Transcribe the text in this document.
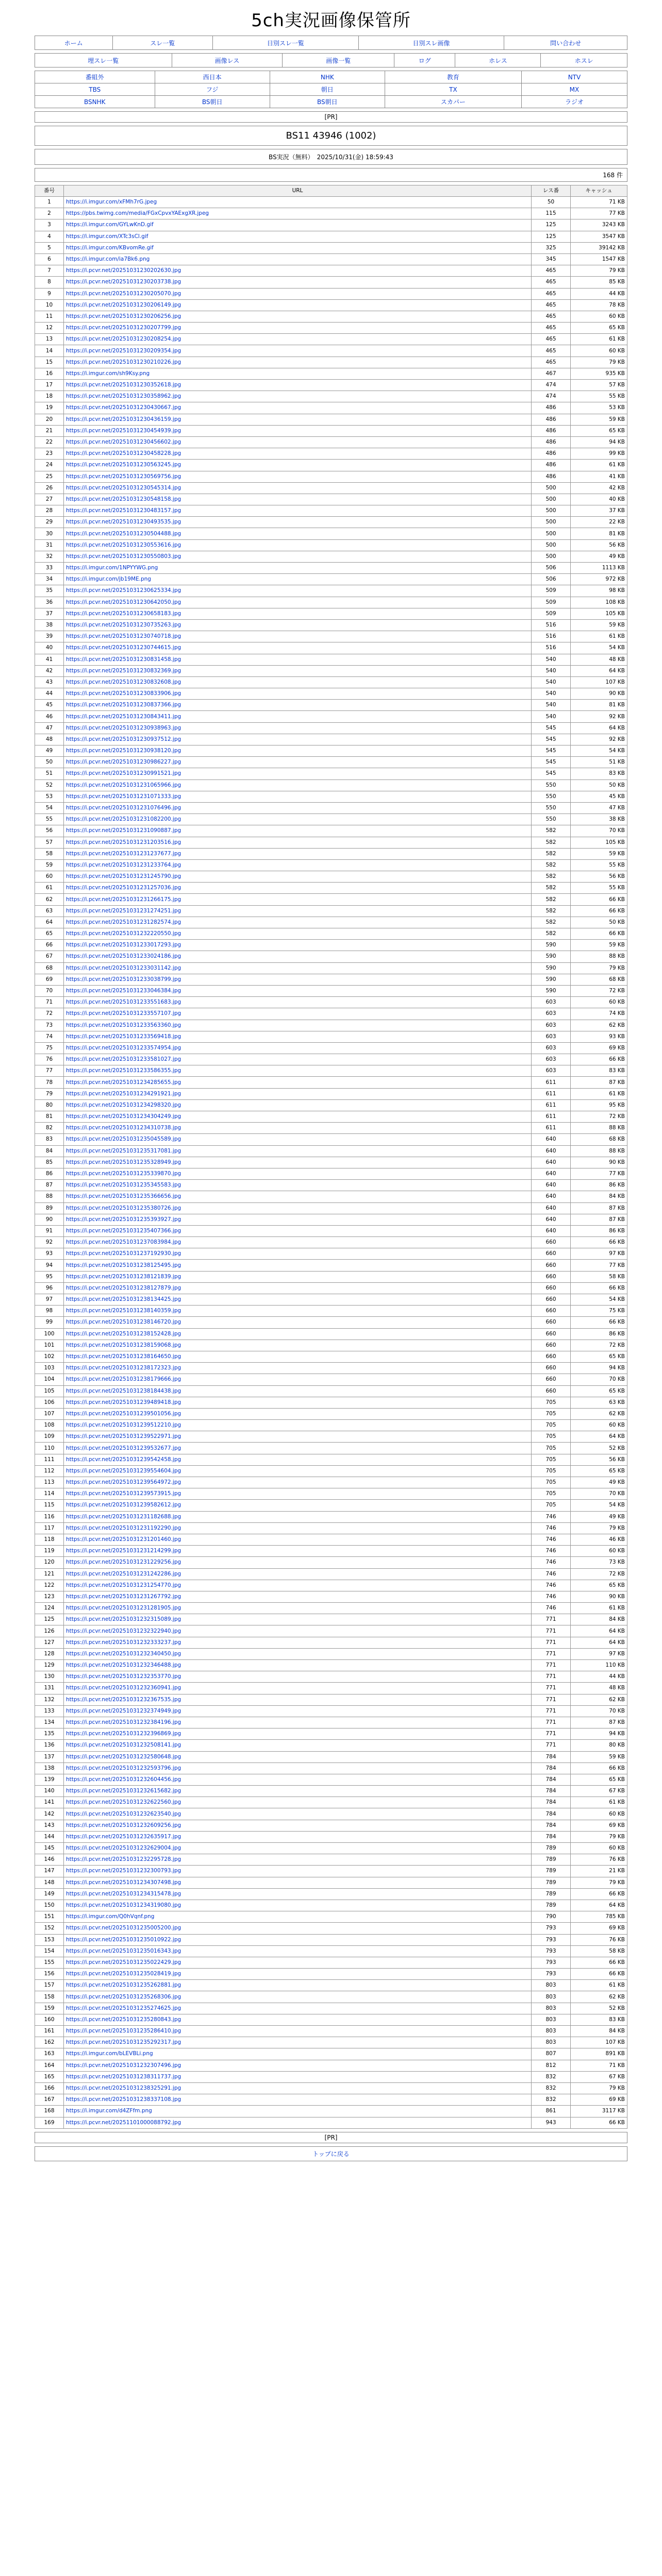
5ch実況画像保管所
ホーム	スレ一覧	日別スレ一覧	日別スレ画像	問い合わせ
埋スレ一覧	画像レス	画像一覧	ログ	ホレス	ホスレ
番組外	西日本	NHK	教育	NTV
TBS	フジ	朝日	TX	MX
BSNHK	BS朝日	BS朝日	スカパー	ラジオ
[PR]
BS11 43946 (1002)
BS実況（無料）　2025/10/31(金) 18:59:43
168 件
番号	URL	レス番	キャッシュ
1	https://i.imgur.com/xFMh7rG.jpeg	50	71 KB
2	https://pbs.twimg.com/media/FGxCpvxYAExgXR.jpeg	115	77 KB
3	https://i.imgur.com/GYLwKnD.gif	125	3243 KB
4	https://i.imgur.com/XTc3sCl.gif	125	3547 KB
5	https://i.imgur.com/KBvomRe.gif	325	39142 KB
6	https://i.imgur.com/ia7Bk6.png	345	1547 KB
7	https://i.pcvr.net/20251031230202630.jpg	465	79 KB
8	https://i.pcvr.net/20251031230203738.jpg	465	85 KB
9	https://i.pcvr.net/20251031230205070.jpg	465	44 KB
10	https://i.pcvr.net/20251031230206149.jpg	465	78 KB
11	https://i.pcvr.net/20251031230206256.jpg	465	60 KB
12	https://i.pcvr.net/20251031230207799.jpg	465	65 KB
13	https://i.pcvr.net/20251031230208254.jpg	465	61 KB
14	https://i.pcvr.net/20251031230209354.jpg	465	60 KB
15	https://i.pcvr.net/20251031230210226.jpg	465	79 KB
16	https://i.imgur.com/sh9Ksy.png	467	935 KB
17	https://i.pcvr.net/20251031230352618.jpg	474	57 KB
18	https://i.pcvr.net/20251031230358962.jpg	474	55 KB
19	https://i.pcvr.net/20251031230430667.jpg	486	53 KB
20	https://i.pcvr.net/20251031230436159.jpg	486	59 KB
21	https://i.pcvr.net/20251031230454939.jpg	486	65 KB
22	https://i.pcvr.net/20251031230456602.jpg	486	94 KB
23	https://i.pcvr.net/20251031230458228.jpg	486	99 KB
24	https://i.pcvr.net/20251031230563245.jpg	486	61 KB
25	https://i.pcvr.net/20251031230569756.jpg	486	41 KB
26	https://i.pcvr.net/20251031230545314.jpg	500	42 KB
27	https://i.pcvr.net/20251031230548158.jpg	500	40 KB
28	https://i.pcvr.net/20251031230483157.jpg	500	37 KB
29	https://i.pcvr.net/20251031230493535.jpg	500	22 KB
30	https://i.pcvr.net/20251031230504488.jpg	500	81 KB
31	https://i.pcvr.net/20251031230553616.jpg	500	56 KB
32	https://i.pcvr.net/20251031230550803.jpg	500	49 KB
33	https://i.imgur.com/1NPYYWG.png	506	1113 KB
34	https://i.imgur.com/jb19ME.png	506	972 KB
35	https://i.pcvr.net/20251031230625334.jpg	509	98 KB
36	https://i.pcvr.net/20251031230642050.jpg	509	108 KB
37	https://i.pcvr.net/20251031230658183.jpg	509	105 KB
38	https://i.pcvr.net/20251031230735263.jpg	516	59 KB
39	https://i.pcvr.net/20251031230740718.jpg	516	61 KB
40	https://i.pcvr.net/20251031230744615.jpg	516	54 KB
41	https://i.pcvr.net/20251031230831458.jpg	540	48 KB
42	https://i.pcvr.net/20251031230832369.jpg	540	64 KB
43	https://i.pcvr.net/20251031230832608.jpg	540	107 KB
44	https://i.pcvr.net/20251031230833906.jpg	540	90 KB
45	https://i.pcvr.net/20251031230837366.jpg	540	81 KB
46	https://i.pcvr.net/20251031230843411.jpg	540	92 KB
47	https://i.pcvr.net/20251031230938963.jpg	545	64 KB
48	https://i.pcvr.net/20251031230937512.jpg	545	92 KB
49	https://i.pcvr.net/20251031230938120.jpg	545	54 KB
50	https://i.pcvr.net/20251031230986227.jpg	545	51 KB
51	https://i.pcvr.net/20251031230991521.jpg	545	83 KB
52	https://i.pcvr.net/20251031231065966.jpg	550	50 KB
53	https://i.pcvr.net/20251031231071333.jpg	550	45 KB
54	https://i.pcvr.net/20251031231076496.jpg	550	47 KB
55	https://i.pcvr.net/20251031231082200.jpg	550	38 KB
56	https://i.pcvr.net/20251031231090887.jpg	582	70 KB
57	https://i.pcvr.net/20251031231203516.jpg	582	105 KB
58	https://i.pcvr.net/20251031231237677.jpg	582	59 KB
59	https://i.pcvr.net/20251031231233764.jpg	582	55 KB
60	https://i.pcvr.net/20251031231245790.jpg	582	56 KB
61	https://i.pcvr.net/20251031231257036.jpg	582	55 KB
62	https://i.pcvr.net/20251031231266175.jpg	582	66 KB
63	https://i.pcvr.net/20251031231274251.jpg	582	66 KB
64	https://i.pcvr.net/20251031231282574.jpg	582	50 KB
65	https://i.pcvr.net/20251031232220550.jpg	582	66 KB
66	https://i.pcvr.net/20251031233017293.jpg	590	59 KB
67	https://i.pcvr.net/20251031233024186.jpg	590	88 KB
68	https://i.pcvr.net/20251031233031142.jpg	590	79 KB
69	https://i.pcvr.net/20251031233038799.jpg	590	68 KB
70	https://i.pcvr.net/20251031233046384.jpg	590	72 KB
71	https://i.pcvr.net/20251031233551683.jpg	603	60 KB
72	https://i.pcvr.net/20251031233557107.jpg	603	74 KB
73	https://i.pcvr.net/20251031233563360.jpg	603	62 KB
74	https://i.pcvr.net/20251031233569418.jpg	603	93 KB
75	https://i.pcvr.net/20251031233574954.jpg	603	69 KB
76	https://i.pcvr.net/20251031233581027.jpg	603	66 KB
77	https://i.pcvr.net/20251031233586355.jpg	603	83 KB
78	https://i.pcvr.net/20251031234285655.jpg	611	87 KB
79	https://i.pcvr.net/20251031234291921.jpg	611	61 KB
80	https://i.pcvr.net/20251031234298320.jpg	611	95 KB
81	https://i.pcvr.net/20251031234304249.jpg	611	72 KB
82	https://i.pcvr.net/20251031234310738.jpg	611	88 KB
83	https://i.pcvr.net/20251031235045589.jpg	640	68 KB
84	https://i.pcvr.net/20251031235317081.jpg	640	88 KB
85	https://i.pcvr.net/20251031235328949.jpg	640	90 KB
86	https://i.pcvr.net/20251031235339870.jpg	640	77 KB
87	https://i.pcvr.net/20251031235345583.jpg	640	86 KB
88	https://i.pcvr.net/20251031235366656.jpg	640	84 KB
89	https://i.pcvr.net/20251031235380726.jpg	640	87 KB
90	https://i.pcvr.net/20251031235393927.jpg	640	87 KB
91	https://i.pcvr.net/20251031235407366.jpg	640	86 KB
92	https://i.pcvr.net/20251031237083984.jpg	660	66 KB
93	https://i.pcvr.net/20251031237192930.jpg	660	97 KB
94	https://i.pcvr.net/20251031238125495.jpg	660	77 KB
95	https://i.pcvr.net/20251031238121839.jpg	660	58 KB
96	https://i.pcvr.net/20251031238127879.jpg	660	66 KB
97	https://i.pcvr.net/20251031238134425.jpg	660	54 KB
98	https://i.pcvr.net/20251031238140359.jpg	660	75 KB
99	https://i.pcvr.net/20251031238146720.jpg	660	66 KB
100	https://i.pcvr.net/20251031238152428.jpg	660	86 KB
101	https://i.pcvr.net/20251031238159068.jpg	660	72 KB
102	https://i.pcvr.net/20251031238164650.jpg	660	65 KB
103	https://i.pcvr.net/20251031238172323.jpg	660	94 KB
104	https://i.pcvr.net/20251031238179666.jpg	660	70 KB
105	https://i.pcvr.net/20251031238184438.jpg	660	65 KB
106	https://i.pcvr.net/20251031239489418.jpg	705	63 KB
107	https://i.pcvr.net/20251031239501056.jpg	705	62 KB
108	https://i.pcvr.net/20251031239512210.jpg	705	60 KB
109	https://i.pcvr.net/20251031239522971.jpg	705	64 KB
110	https://i.pcvr.net/20251031239532677.jpg	705	52 KB
111	https://i.pcvr.net/20251031239542458.jpg	705	56 KB
112	https://i.pcvr.net/20251031239554604.jpg	705	65 KB
113	https://i.pcvr.net/20251031239564972.jpg	705	49 KB
114	https://i.pcvr.net/20251031239573915.jpg	705	70 KB
115	https://i.pcvr.net/20251031239582612.jpg	705	54 KB
116	https://i.pcvr.net/20251031231182688.jpg	746	49 KB
117	https://i.pcvr.net/20251031231192290.jpg	746	79 KB
118	https://i.pcvr.net/20251031231201460.jpg	746	46 KB
119	https://i.pcvr.net/20251031231214299.jpg	746	60 KB
120	https://i.pcvr.net/20251031231229256.jpg	746	73 KB
121	https://i.pcvr.net/20251031231242286.jpg	746	72 KB
122	https://i.pcvr.net/20251031231254770.jpg	746	65 KB
123	https://i.pcvr.net/20251031231267792.jpg	746	90 KB
124	https://i.pcvr.net/20251031231281905.jpg	746	61 KB
125	https://i.pcvr.net/20251031232315089.jpg	771	84 KB
126	https://i.pcvr.net/20251031232322940.jpg	771	64 KB
127	https://i.pcvr.net/20251031232333237.jpg	771	64 KB
128	https://i.pcvr.net/20251031232340450.jpg	771	97 KB
129	https://i.pcvr.net/20251031232346488.jpg	771	110 KB
130	https://i.pcvr.net/20251031232353770.jpg	771	44 KB
131	https://i.pcvr.net/20251031232360941.jpg	771	48 KB
132	https://i.pcvr.net/20251031232367535.jpg	771	62 KB
133	https://i.pcvr.net/20251031232374949.jpg	771	70 KB
134	https://i.pcvr.net/20251031232384196.jpg	771	87 KB
135	https://i.pcvr.net/20251031232396869.jpg	771	94 KB
136	https://i.pcvr.net/20251031232508141.jpg	771	80 KB
137	https://i.pcvr.net/20251031232580648.jpg	784	59 KB
138	https://i.pcvr.net/20251031232593796.jpg	784	66 KB
139	https://i.pcvr.net/20251031232604456.jpg	784	65 KB
140	https://i.pcvr.net/20251031232615682.jpg	784	67 KB
141	https://i.pcvr.net/20251031232622560.jpg	784	61 KB
142	https://i.pcvr.net/20251031232623540.jpg	784	60 KB
143	https://i.pcvr.net/20251031232609256.jpg	784	69 KB
144	https://i.pcvr.net/20251031232635917.jpg	784	79 KB
145	https://i.pcvr.net/20251031232629004.jpg	789	60 KB
146	https://i.pcvr.net/20251031232295728.jpg	789	76 KB
147	https://i.pcvr.net/20251031232300793.jpg	789	21 KB
148	https://i.pcvr.net/20251031234307498.jpg	789	79 KB
149	https://i.pcvr.net/20251031234315478.jpg	789	66 KB
150	https://i.pcvr.net/20251031234319080.jpg	789	64 KB
151	https://i.imgur.com/Q0hVqnf.png	790	785 KB
152	https://i.pcvr.net/20251031235005200.jpg	793	69 KB
153	https://i.pcvr.net/20251031235010922.jpg	793	76 KB
154	https://i.pcvr.net/20251031235016343.jpg	793	58 KB
155	https://i.pcvr.net/20251031235022429.jpg	793	66 KB
156	https://i.pcvr.net/20251031235028419.jpg	793	66 KB
157	https://i.pcvr.net/20251031235262881.jpg	803	61 KB
158	https://i.pcvr.net/20251031235268306.jpg	803	62 KB
159	https://i.pcvr.net/20251031235274625.jpg	803	52 KB
160	https://i.pcvr.net/20251031235280843.jpg	803	83 KB
161	https://i.pcvr.net/20251031235286410.jpg	803	84 KB
162	https://i.pcvr.net/20251031235292317.jpg	803	107 KB
163	https://i.imgur.com/bLEVBLi.png	807	891 KB
164	https://i.pcvr.net/20251031232307496.jpg	812	71 KB
165	https://i.pcvr.net/20251031238311737.jpg	832	67 KB
166	https://i.pcvr.net/20251031238325291.jpg	832	79 KB
167	https://i.pcvr.net/20251031238337108.jpg	832	69 KB
168	https://i.imgur.com/d4ZFfm.png	861	3117 KB
169	https://i.pcvr.net/20251101000088792.jpg	943	66 KB
[PR]
トップに戻る
